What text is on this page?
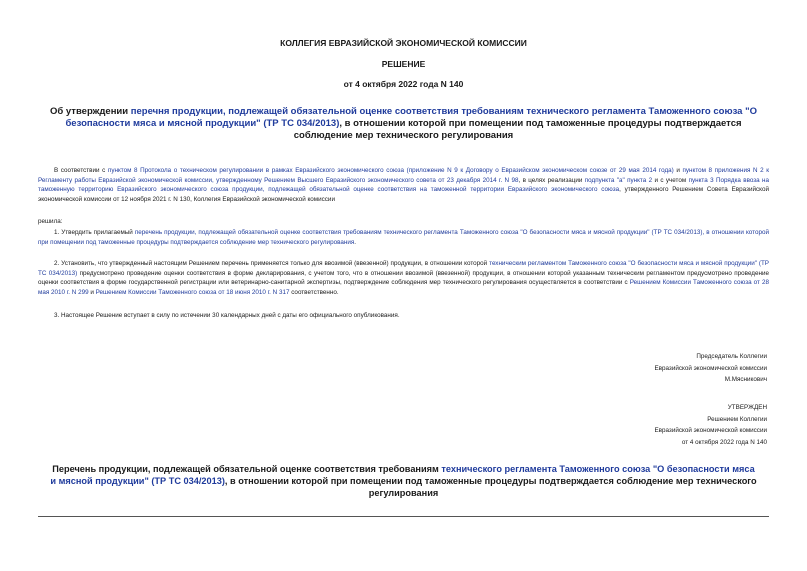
КОЛЛЕГИЯ ЕВРАЗИЙСКОЙ ЭКОНОМИЧЕСКОЙ КОМИССИИ
РЕШЕНИЕ
от 4 октября 2022 года N 140
Об утверждении перечня продукции, подлежащей обязательной оценке соответствия требованиям технического регламента Таможенного союза "О безопасности мяса и мясной продукции" (ТР ТС 034/2013), в отношении которой при помещении под таможенные процедуры подтверждается соблюдение мер технического регулирования
В соответствии с пунктом 8 Протокола о техническом регулировании в рамках Евразийского экономического союза (приложение N 9 к Договору о Евразийском экономическом союзе от 29 мая 2014 года) и пунктом 8 приложения N 2 к Регламенту работы Евразийской экономической комиссии, утвержденному Решением Высшего Евразийского экономического совета от 23 декабря 2014 г. N 98, в целях реализации подпункта "а" пункта 2 и с учетом пункта 3 Порядка ввоза на таможенную территорию Евразийского экономического союза продукции, подлежащей обязательной оценке соответствия на таможенной территории Евразийского экономического союза, утвержденного Решением Совета Евразийской экономической комиссии от 12 ноября 2021 г. N 130, Коллегия Евразийской экономической комиссии
решила:
1. Утвердить прилагаемый перечень продукции, подлежащей обязательной оценке соответствия требованиям технического регламента Таможенного союза "О безопасности мяса и мясной продукции" (ТР ТС 034/2013), в отношении которой при помещении под таможенные процедуры подтверждается соблюдение мер технического регулирования.
2. Установить, что утвержденный настоящим Решением перечень применяется только для ввозимой (ввезенной) продукции, в отношении которой техническим регламентом Таможенного союза "О безопасности мяса и мясной продукции" (ТР ТС 034/2013) предусмотрено проведение оценки соответствия в форме декларирования, с учетом того, что в отношении ввозимой (ввезенной) продукции, в отношении которой указанным техническим регламентом предусмотрено проведение оценки соответствия в форме государственной регистрации или ветеринарно-санитарной экспертизы, подтверждение соблюдения мер технического регулирования осуществляется в соответствии с Решением Комиссии Таможенного союза от 28 мая 2010 г. N 299 и Решением Комиссии Таможенного союза от 18 июня 2010 г. N 317 соответственно.
3. Настоящее Решение вступает в силу по истечении 30 календарных дней с даты его официального опубликования.
Председатель Коллегии
Евразийской экономической комиссии
М.Мясникович
УТВЕРЖДЕН
Решением Коллегии
Евразийской экономической комиссии
от 4 октября 2022 года N 140
Перечень продукции, подлежащей обязательной оценке соответствия требованиям технического регламента Таможенного союза "О безопасности мяса и мясной продукции" (ТР ТС 034/2013), в отношении которой при помещении под таможенные процедуры подтверждается соблюдение мер технического регулирования
